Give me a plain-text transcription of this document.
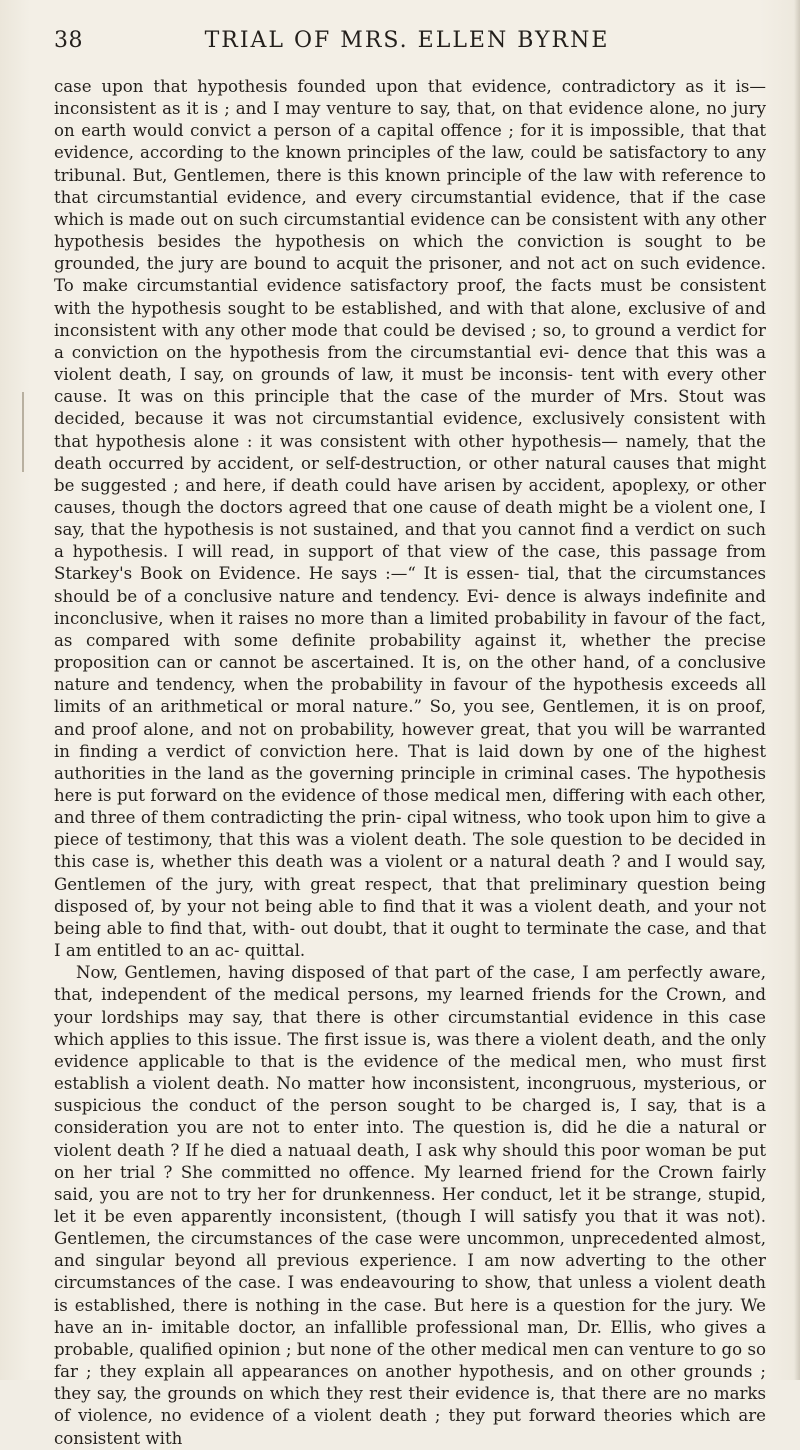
38	TRIAL OF MRS. ELLEN BYRNE

case upon that hypothesis founded upon that evidence, contradictory as it is— inconsistent as it is ; and I may venture to say, that, on that evidence alone, no jury on earth would convict a person of a capital offence ; for it is impossible, that that evidence, according to the known principles of the law, could be satisfactory to any tribunal. But, Gentlemen, there is this known principle of the law with reference to that circumstantial evidence, and every circumstantial evidence, that if the case which is made out on such circumstantial evidence can be consistent with any other hypothesis besides the hypothesis on which the conviction is sought to be grounded, the jury are bound to acquit the prisoner, and not act on such evidence. To make circumstantial evidence satisfactory proof, the facts must be consistent with the hypothesis sought to be established, and with that alone, exclusive of and inconsistent with any other mode that could be devised ; so, to ground a verdict for a conviction on the hypothesis from the circumstantial evi- dence that this was a violent death, I say, on grounds of law, it must be inconsis- tent with every other cause. It was on this principle that the case of the murder of Mrs. Stout was decided, because it was not circumstantial evidence, exclusively consistent with that hypothesis alone : it was consistent with other hypothesis— namely, that the death occurred by accident, or self-destruction, or other natural causes that might be suggested ; and here, if death could have arisen by accident, apoplexy, or other causes, though the doctors agreed that one cause of death might be a violent one, I say, that the hypothesis is not sustained, and that you cannot find a verdict on such a hypothesis. I will read, in support of that view of the case, this passage from Starkey's Book on Evidence. He says :—“ It is essen- tial, that the circumstances should be of a conclusive nature and tendency. Evi- dence is always indefinite and inconclusive, when it raises no more than a limited probability in favour of the fact, as compared with some definite probability against it, whether the precise proposition can or cannot be ascertained. It is, on the other hand, of a conclusive nature and tendency, when the probability in favour of the hypothesis exceeds all limits of an arithmetical or moral nature.” So, you see, Gentlemen, it is on proof, and proof alone, and not on probability, however great, that you will be warranted in finding a verdict of conviction here. That is laid down by one of the highest authorities in the land as the governing principle in criminal cases. The hypothesis here is put forward on the evidence of those medical men, differing with each other, and three of them contradicting the prin- cipal witness, who took upon him to give a piece of testimony, that this was a violent death. The sole question to be decided in this case is, whether this death was a violent or a natural death ? and I would say, Gentlemen of the jury, with great respect, that that preliminary question being disposed of, by your not being able to find that it was a violent death, and your not being able to find that, with- out doubt, that it ought to terminate the case, and that I am entitled to an ac- quittal.

Now, Gentlemen, having disposed of that part of the case, I am perfectly aware, that, independent of the medical persons, my learned friends for the Crown, and your lordships may say, that there is other circumstantial evidence in this case which applies to this issue. The first issue is, was there a violent death, and the only evidence applicable to that is the evidence of the medical men, who must first establish a violent death. No matter how inconsistent, incongruous, mysterious, or suspicious the conduct of the person sought to be charged is, I say, that is a consideration you are not to enter into. The question is, did he die a natural or violent death ? If he died a natuaal death, I ask why should this poor woman be put on her trial ? She committed no offence. My learned friend for the Crown fairly said, you are not to try her for drunkenness. Her conduct, let it be strange, stupid, let it be even apparently inconsistent, (though I will satisfy you that it was not). Gentlemen, the circumstances of the case were uncommon, unprecedented almost, and singular beyond all previous experience. I am now adverting to the other circumstances of the case. I was endeavouring to show, that unless a violent death is established, there is nothing in the case. But here is a question for the jury. We have an in- imitable doctor, an infallible professional man, Dr. Ellis, who gives a probable, qualified opinion ; but none of the other medical men can venture to go so far ; they explain all appearances on another hypothesis, and on other grounds ; they say, the grounds on which they rest their evidence is, that there are no marks of violence, no evidence of a violent death ; they put forward theories which are consistent with
